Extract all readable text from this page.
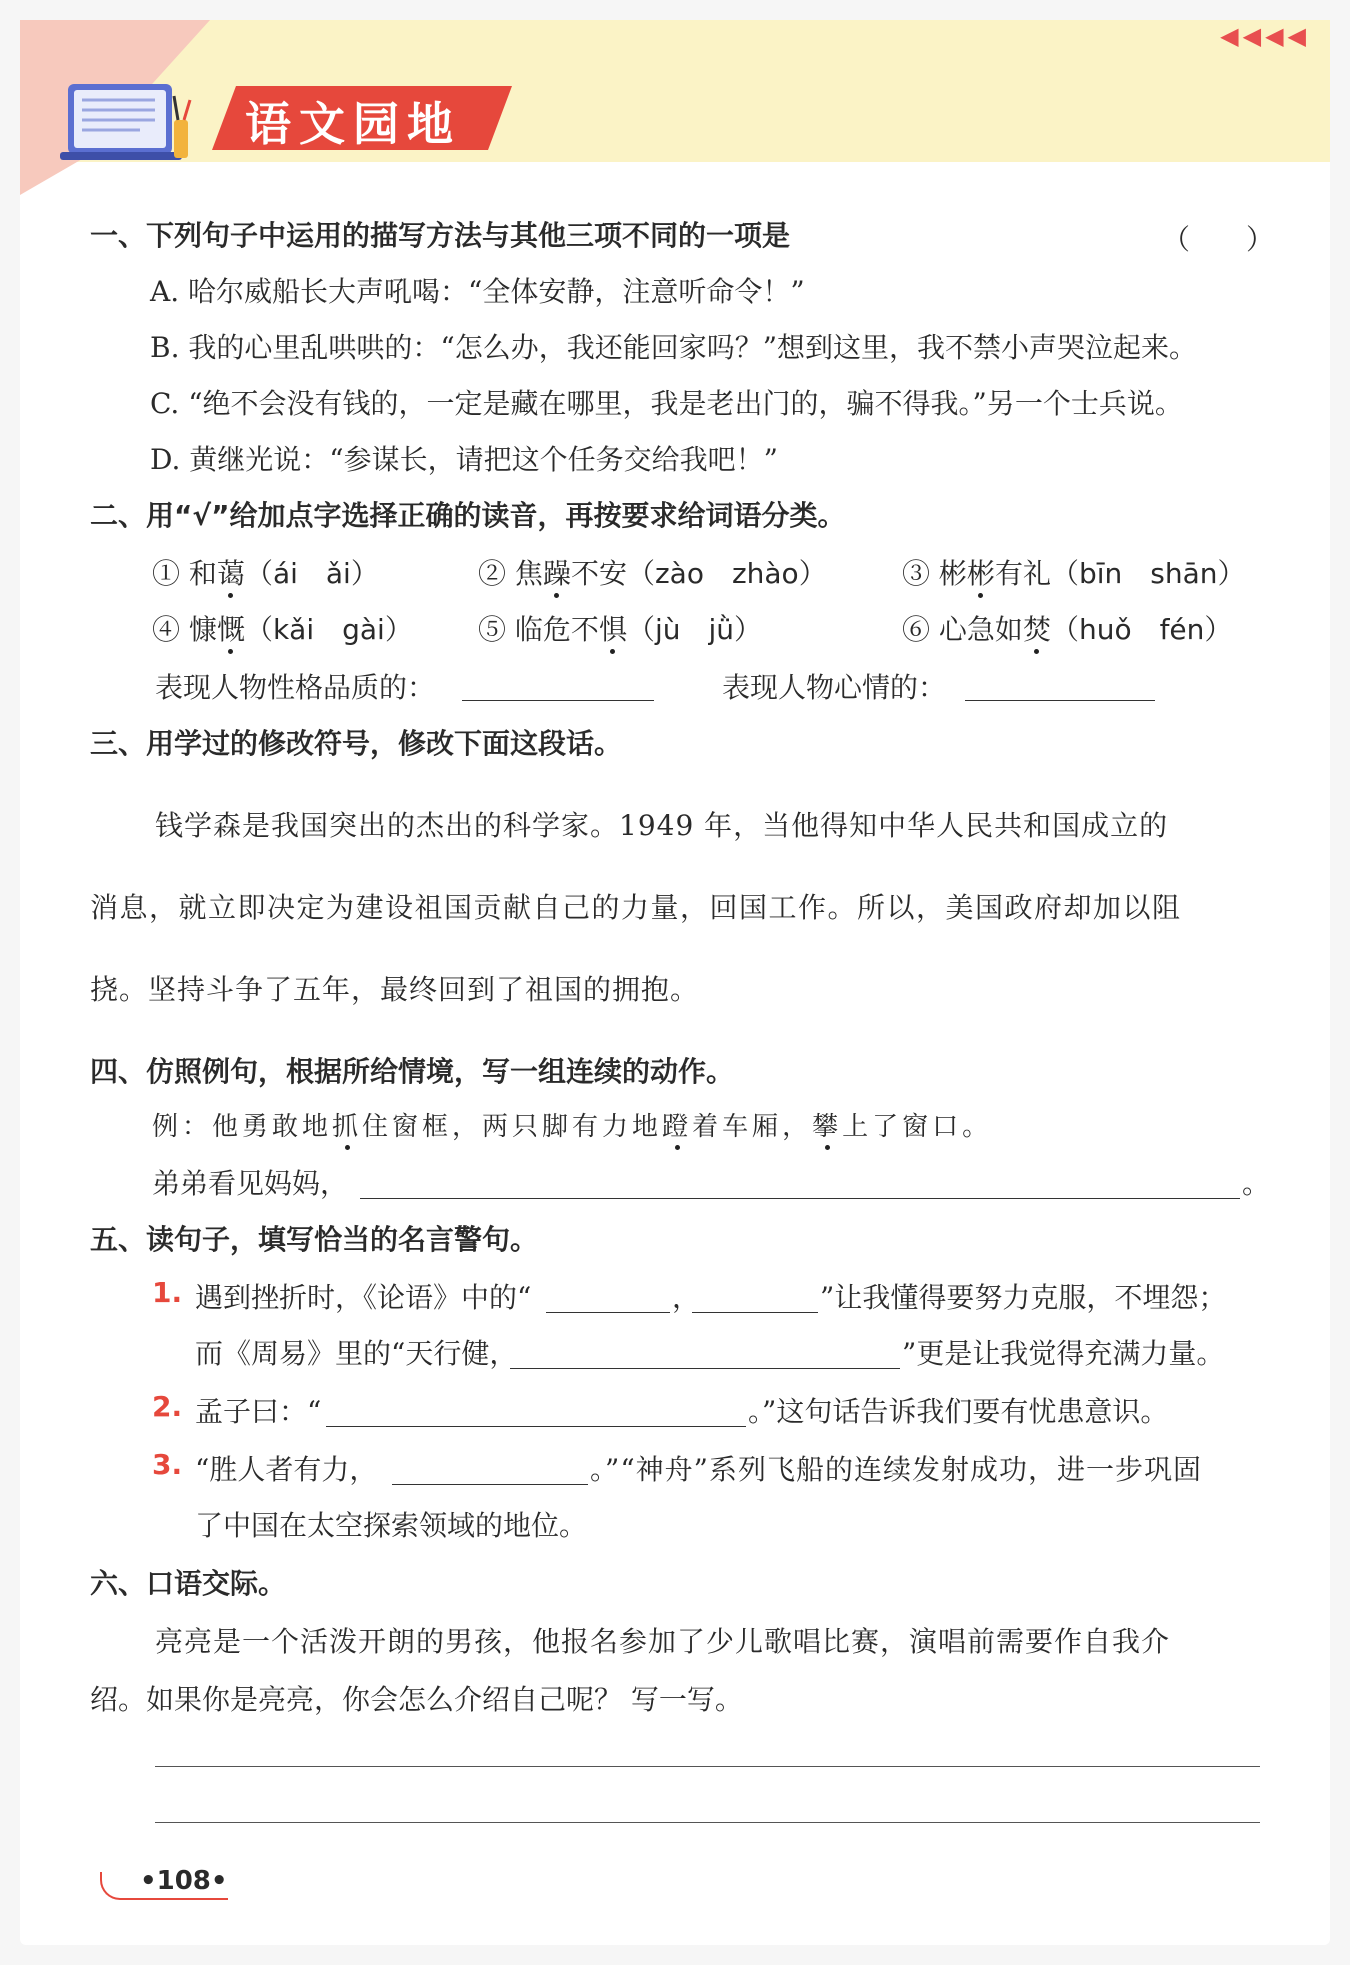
◀◀◀◀
语文园地
一、下列句子中运用的描写方法与其他三项不同的一项是	（　　）
A. 哈尔威船长大声吼喝：“全体安静，注意听命令！”
B. 我的心里乱哄哄的：“怎么办，我还能回家吗？”想到这里，我不禁小声哭泣起来。
C. “绝不会没有钱的，一定是藏在哪里，我是老出门的，骗不得我。”另一个士兵说。
D. 黄继光说：“参谋长，请把这个任务交给我吧！”
二、用“√”给加点字选择正确的读音，再按要求给词语分类。
① 和蔼（ái　ǎi）	② 焦躁不安（zào　zhào）	③ 彬彬有礼（bīn　shān）
④ 慷慨（kǎi　gài） ⑤ 临危不惧（jù　jǜ）	⑥ 心急如焚（huǒ　fén）
表现人物性格品质的：	表现人物心情的：
三、用学过的修改符号，修改下面这段话。
钱学森是我国突出的杰出的科学家。1949 年，当他得知中华人民共和国成立的
消息，就立即决定为建设祖国贡献自己的力量，回国工作。所以，美国政府却加以阻
挠。坚持斗争了五年，最终回到了祖国的拥抱。
四、仿照例句，根据所给情境，写一组连续的动作。
例：他勇敢地抓住窗框，两只脚有力地蹬着车厢，攀上了窗口。
弟弟看见妈妈，	。
五、读句子，填写恰当的名言警句。
1. 遇到挫折时，《论语》中的“	，	”让我懂得要努力克服，不埋怨；
而《周易》里的“天行健，	”更是让我觉得充满力量。
2. 孟子曰：“	。”这句话告诉我们要有忧患意识。
3. “胜人者有力，	。”“神舟”系列飞船的连续发射成功，进一步巩固
了中国在太空探索领域的地位。
六、口语交际。
亮亮是一个活泼开朗的男孩，他报名参加了少儿歌唱比赛，演唱前需要作自我介
绍。如果你是亮亮，你会怎么介绍自己呢？ 写一写。
•108•
